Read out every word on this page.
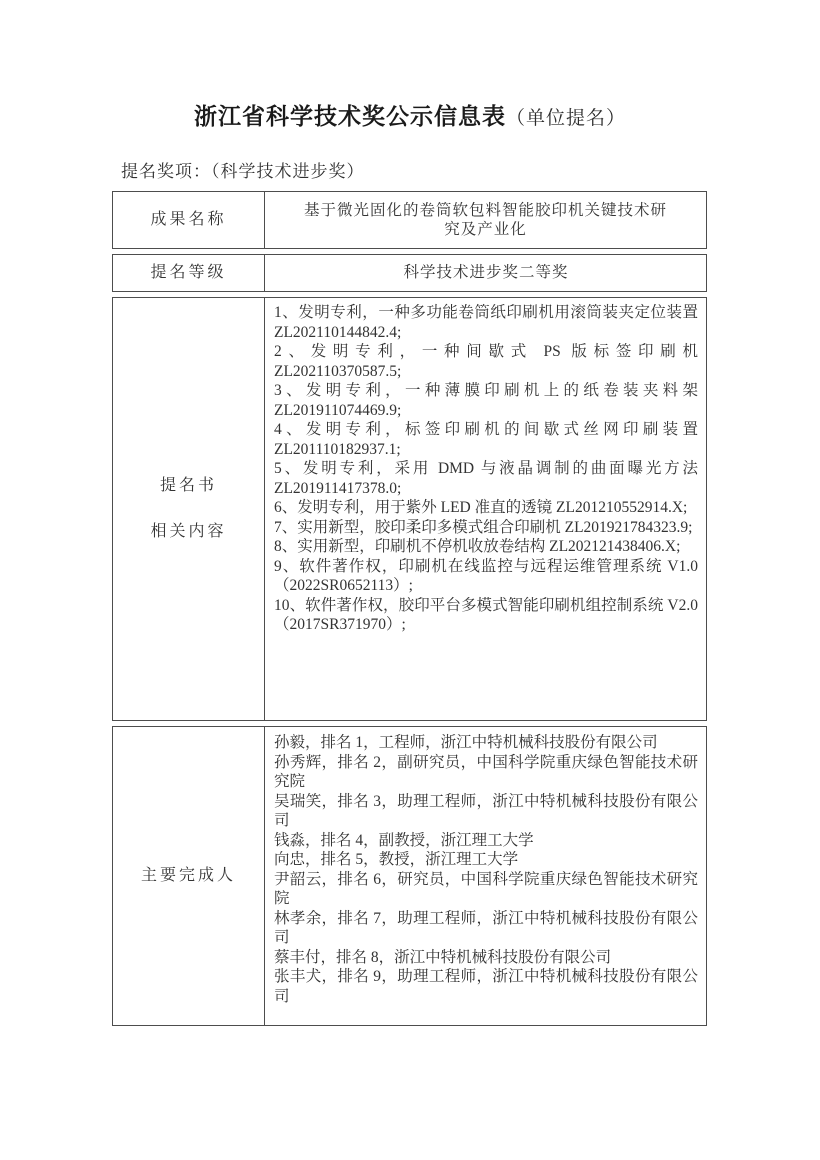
浙江省科学技术奖公示信息表（单位提名）
提名奖项：（科学技术进步奖）
成果名称
基于微光固化的卷筒软包料智能胶印机关键技术研究及产业化
提名等级	科学技术进步奖二等奖
提名书
相关内容

1、发明专利，一种多功能卷筒纸印刷机用滚筒装夹定位装置 ZL202110144842.4;

2、发明专利，一种间歇式 PS 版标签印刷机 ZL202110370587.5;

3、发明专利，一种薄膜印刷机上的纸卷装夹料架 ZL201911074469.9;

4、发明专利，标签印刷机的间歇式丝网印刷装置 ZL201110182937.1;

5、发明专利，采用 DMD 与液晶调制的曲面曝光方法 ZL201911417378.0;

6、发明专利，用于紫外 LED 准直的透镜 ZL201210552914.X;

7、实用新型，胶印柔印多模式组合印刷机 ZL201921784323.9;

8、实用新型，印刷机不停机收放卷结构 ZL202121438406.X;

9、软件著作权，印刷机在线监控与远程运维管理系统 V1.0（2022SR0652113）;

10、软件著作权，胶印平台多模式智能印刷机组控制系统 V2.0（2017SR371970）;

主要完成人

孙毅，排名 1，工程师，浙江中特机械科技股份有限公司

孙秀辉，排名 2，副研究员，中国科学院重庆绿色智能技术研究院

吴瑞笑，排名 3，助理工程师，浙江中特机械科技股份有限公司

钱淼，排名 4，副教授，浙江理工大学

向忠，排名 5，教授，浙江理工大学

尹韶云，排名 6，研究员，中国科学院重庆绿色智能技术研究院

林孝余，排名 7，助理工程师，浙江中特机械科技股份有限公司

蔡丰付，排名 8，浙江中特机械科技股份有限公司

张丰犬，排名 9，助理工程师，浙江中特机械科技股份有限公司
